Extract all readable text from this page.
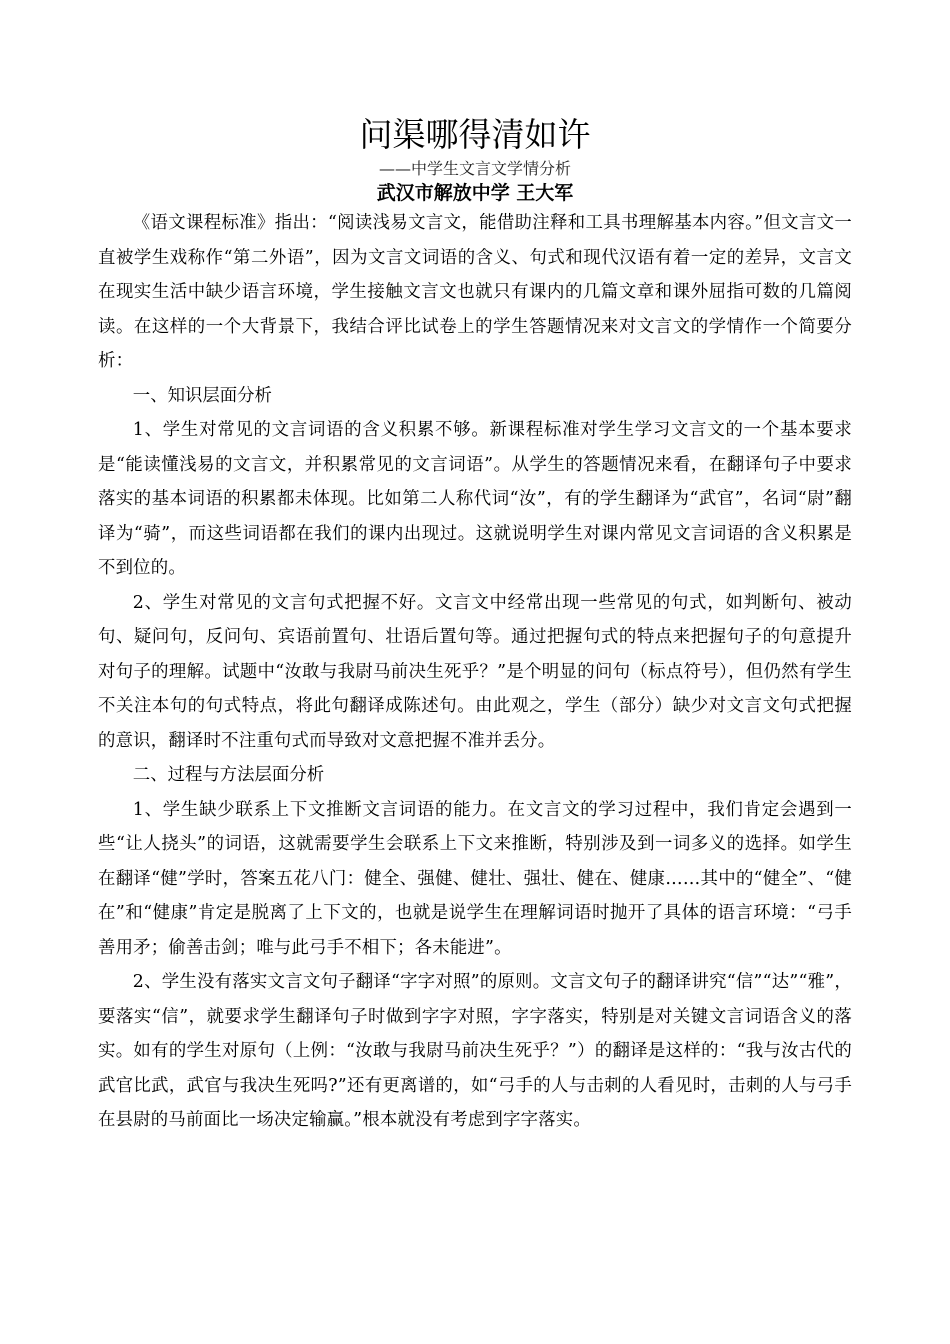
问渠哪得清如许

——中学生文言文学情分析

武汉市解放中学 王大军

《语文课程标准》指出：“阅读浅易文言文，能借助注释和工具书理解基本内容。”但文言文一直被学生戏称作“第二外语”，因为文言文词语的含义、句式和现代汉语有着一定的差异，文言文在现实生活中缺少语言环境，学生接触文言文也就只有课内的几篇文章和课外屈指可数的几篇阅读。在这样的一个大背景下，我结合评比试卷上的学生答题情况来对文言文的学情作一个简要分析：

一、知识层面分析

1、学生对常见的文言词语的含义积累不够。新课程标准对学生学习文言文的一个基本要求是“能读懂浅易的文言文，并积累常见的文言词语”。从学生的答题情况来看，在翻译句子中要求落实的基本词语的积累都未体现。比如第二人称代词“汝”，有的学生翻译为“武官”，名词“尉”翻译为“骑”，而这些词语都在我们的课内出现过。这就说明学生对课内常见文言词语的含义积累是不到位的。

2、学生对常见的文言句式把握不好。文言文中经常出现一些常见的句式，如判断句、被动句、疑问句，反问句、宾语前置句、壮语后置句等。通过把握句式的特点来把握句子的句意提升对句子的理解。试题中“汝敢与我尉马前决生死乎？”是个明显的问句（标点符号），但仍然有学生不关注本句的句式特点，将此句翻译成陈述句。由此观之，学生（部分）缺少对文言文句式把握的意识，翻译时不注重句式而导致对文意把握不准并丢分。

二、过程与方法层面分析

1、学生缺少联系上下文推断文言词语的能力。在文言文的学习过程中，我们肯定会遇到一些“让人挠头”的词语，这就需要学生会联系上下文来推断，特别涉及到一词多义的选择。如学生在翻译“健”学时，答案五花八门：健全、强健、健壮、强壮、健在、健康……其中的“健全”、“健在”和“健康”肯定是脱离了上下文的，也就是说学生在理解词语时抛开了具体的语言环境：“弓手善用矛；偷善击剑；唯与此弓手不相下；各未能进”。

2、学生没有落实文言文句子翻译“字字对照”的原则。文言文句子的翻译讲究“信”“达”“雅”，要落实“信”，就要求学生翻译句子时做到字字对照，字字落实，特别是对关键文言词语含义的落实。如有的学生对原句（上例：“汝敢与我尉马前决生死乎？”）的翻译是这样的：“我与汝古代的武官比武，武官与我决生死吗?”还有更离谱的，如“弓手的人与击刺的人看见时，击刺的人与弓手在县尉的马前面比一场决定输赢。”根本就没有考虑到字字落实。
